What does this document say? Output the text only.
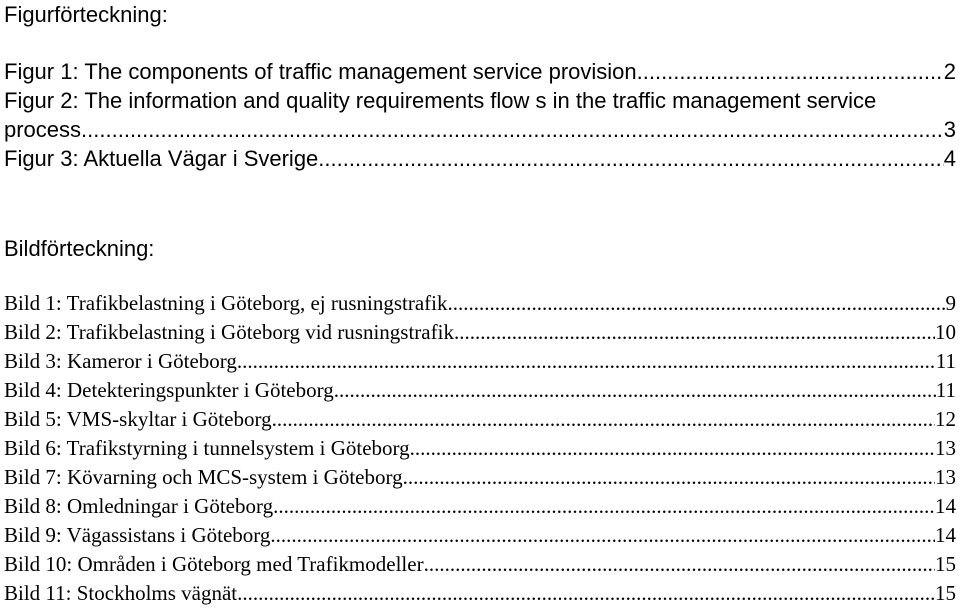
Figurförteckning:
Figur 1: The components of traffic management service provision .....	2
Figur 2: The information and quality requirements flow s in the traffic management service
process .....	3
Figur 3: Aktuella Vägar i Sverige .....	4
Bildförteckning:
Bild 1: Trafikbelastning i Göteborg, ej rusningstrafik .....	9
Bild 2: Trafikbelastning i Göteborg vid rusningstrafik .....	10
Bild 3: Kameror i Göteborg .....	11
Bild 4: Detekteringspunkter i Göteborg .....	11
Bild 5: VMS-skyltar i Göteborg .....	12
Bild 6: Trafikstyrning i tunnelsystem i Göteborg .....	13
Bild 7: Kövarning och MCS-system i Göteborg .....	13
Bild 8: Omledningar i Göteborg .....	14
Bild 9: Vägassistans i Göteborg .....	14
Bild 10: Områden i Göteborg med Trafikmodeller .....	15
Bild 11: Stockholms vägnät .....	15
